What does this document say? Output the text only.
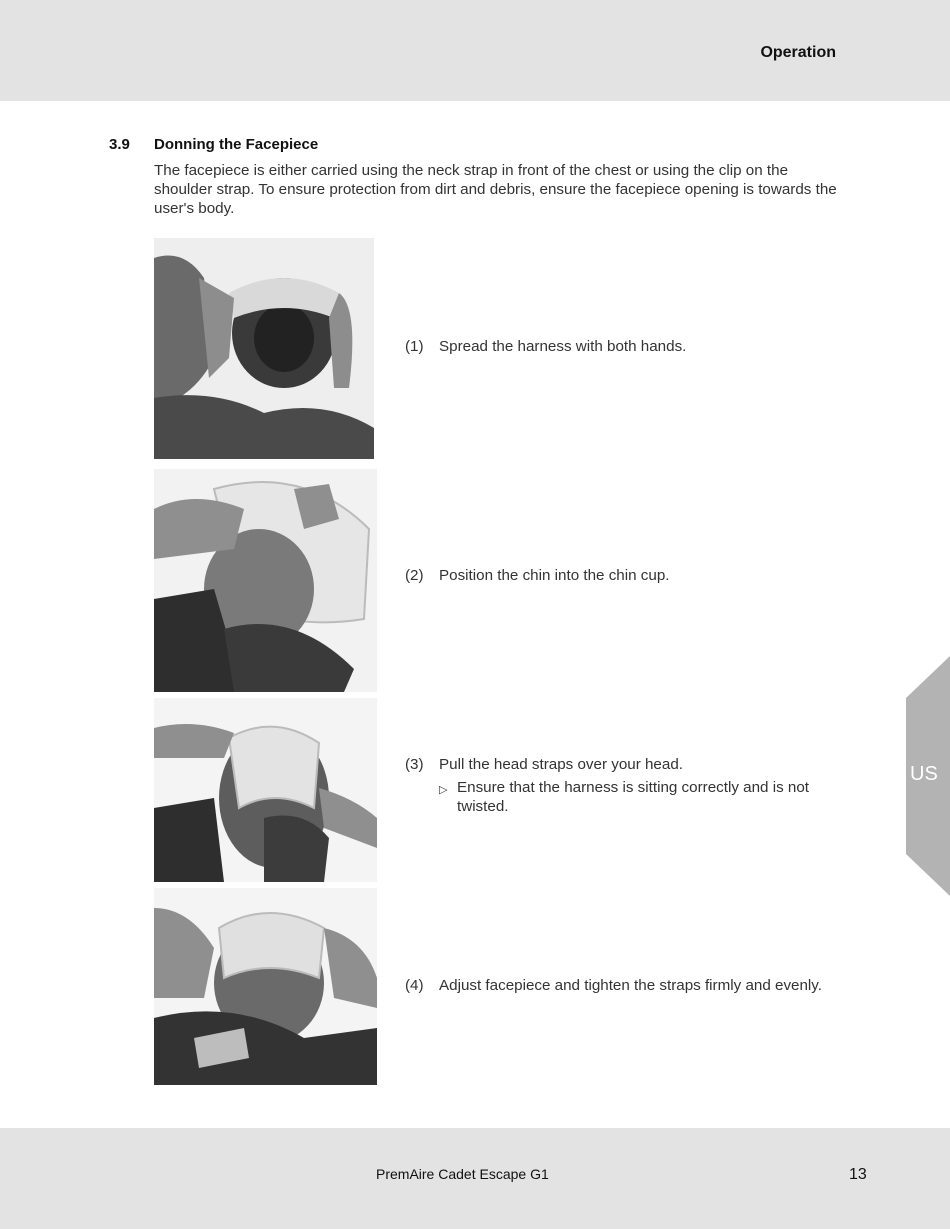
Operation
3.9 Donning the Facepiece

The facepiece is either carried using the neck strap in front of the chest or using the clip on the shoulder strap. To ensure protection from dirt and debris, ensure the facepiece opening is towards the user's body.

(1) Spread the harness with both hands.
(2) Position the chin into the chin cup.
(3) Pull the head straps over your head.
▷ Ensure that the harness is sitting correctly and is not twisted.
(4) Adjust facepiece and tighten the straps firmly and evenly.
US
PremAire Cadet Escape G1	13
